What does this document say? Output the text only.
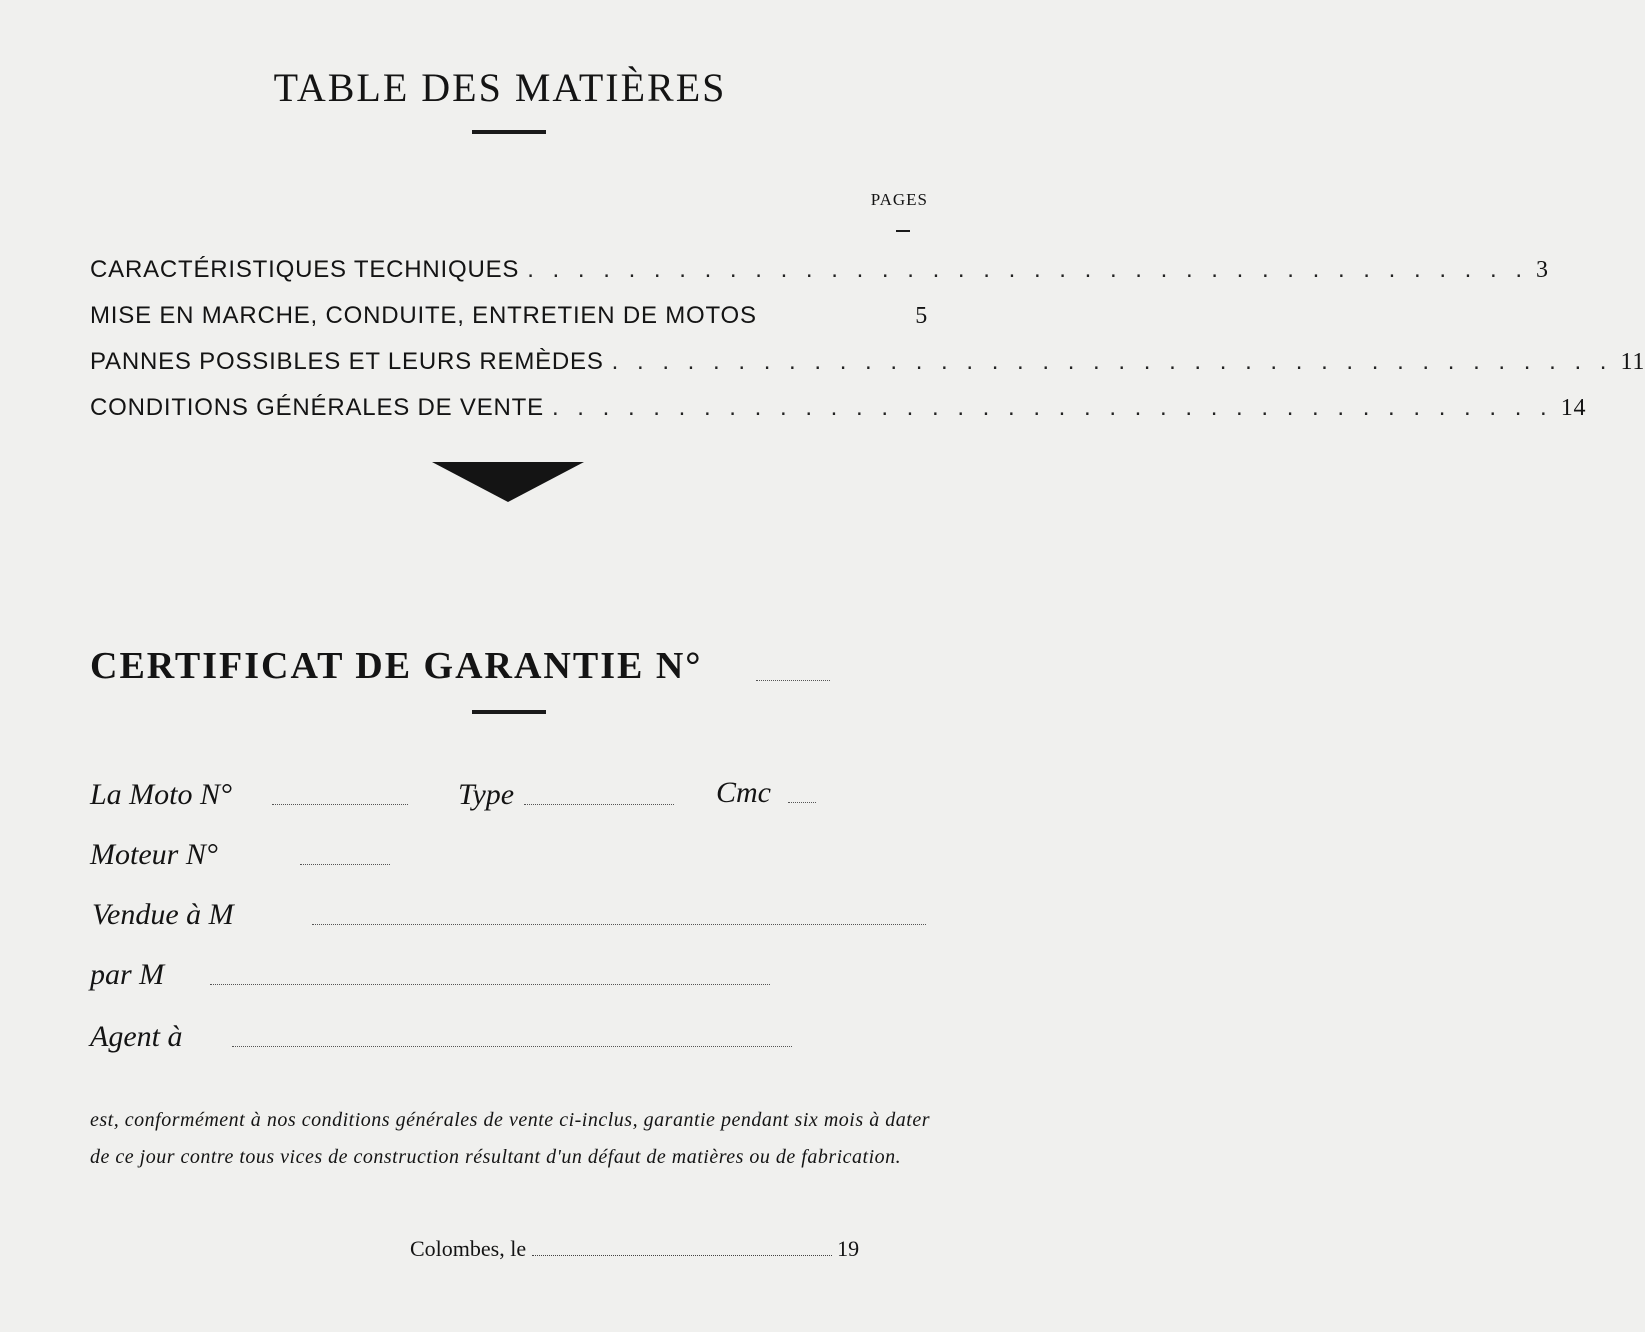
TABLE DES MATIÈRES
PAGES
CARACTÉRISTIQUES TECHNIQUES . . . . . . . . . . . . . . . . . . . . . . . . . . . . . . . . . . . . . . . . 3
MISE EN MARCHE, CONDUITE, ENTRETIEN DE MOTOS	5
PANNES POSSIBLES ET LEURS REMÈDES . . . . . . . . . . . . . . . . . . . . . . . . . . . . . . . . . . . . . . . . 11
CONDITIONS GÉNÉRALES DE VENTE . . . . . . . . . . . . . . . . . . . . . . . . . . . . . . . . . . . . . . . . 14
CERTIFICAT DE GARANTIE N°
La Moto N°	Type	Cmc
Moteur N°
Vendue à M
par M
Agent à

est, conformément à nos conditions générales de vente ci-inclus, garantie pendant six mois à dater de ce jour contre tous vices de construction résultant d'un défaut de matières ou de fabrication.

Colombes, le	19
